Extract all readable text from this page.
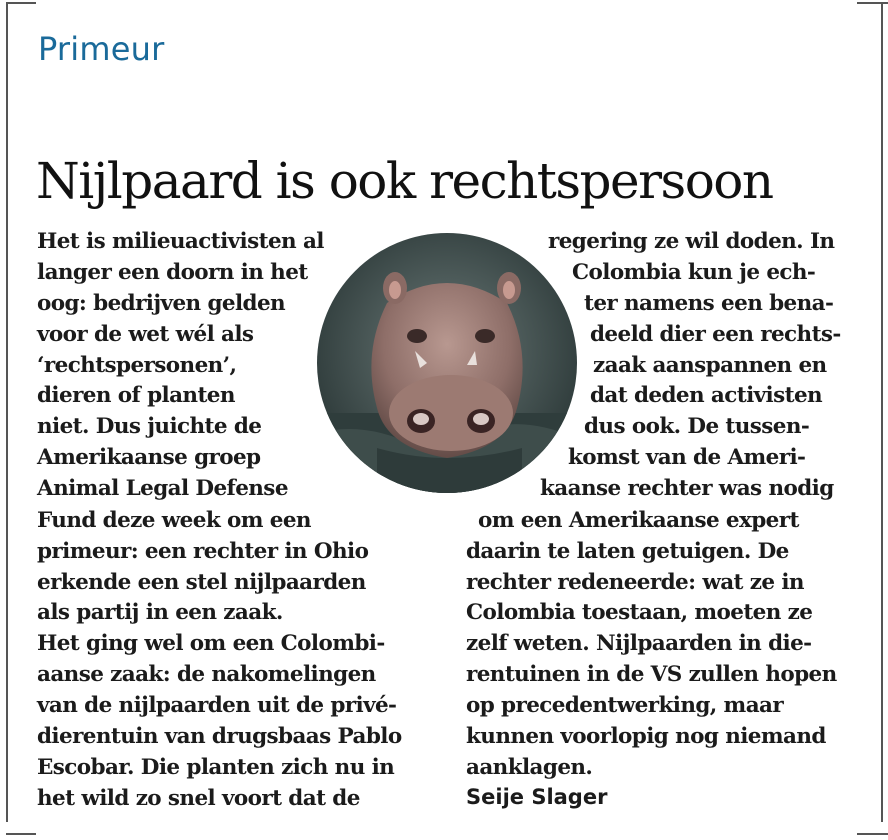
Primeur
Nijlpaard is ook rechtspersoon
Het is milieuactivisten al
langer een doorn in het
oog: bedrijven gelden
voor de wet wél als
‘rechtspersonen’,
dieren of planten
niet. Dus juichte de
Amerikaanse groep
Animal Legal Defense
Fund deze week om een
primeur: een rechter in Ohio
erkende een stel nijlpaarden
als partij in een zaak.
Het ging wel om een Colombi-
aanse zaak: de nakomelingen
van de nijlpaarden uit de privé-
dierentuin van drugsbaas Pablo
Escobar. Die planten zich nu in
het wild zo snel voort dat de
regering ze wil doden. In
Colombia kun je ech-
ter namens een bena-
deeld dier een rechts-
zaak aanspannen en
dat deden activisten
dus ook. De tussen-
komst van de Ameri-
kaanse rechter was nodig
om een Amerikaanse expert
daarin te laten getuigen. De
rechter redeneerde: wat ze in
Colombia toestaan, moeten ze
zelf weten. Nijlpaarden in die-
rentuinen in de VS zullen hopen
op precedentwerking, maar
kunnen voorlopig nog niemand
aanklagen.
Seije Slager
